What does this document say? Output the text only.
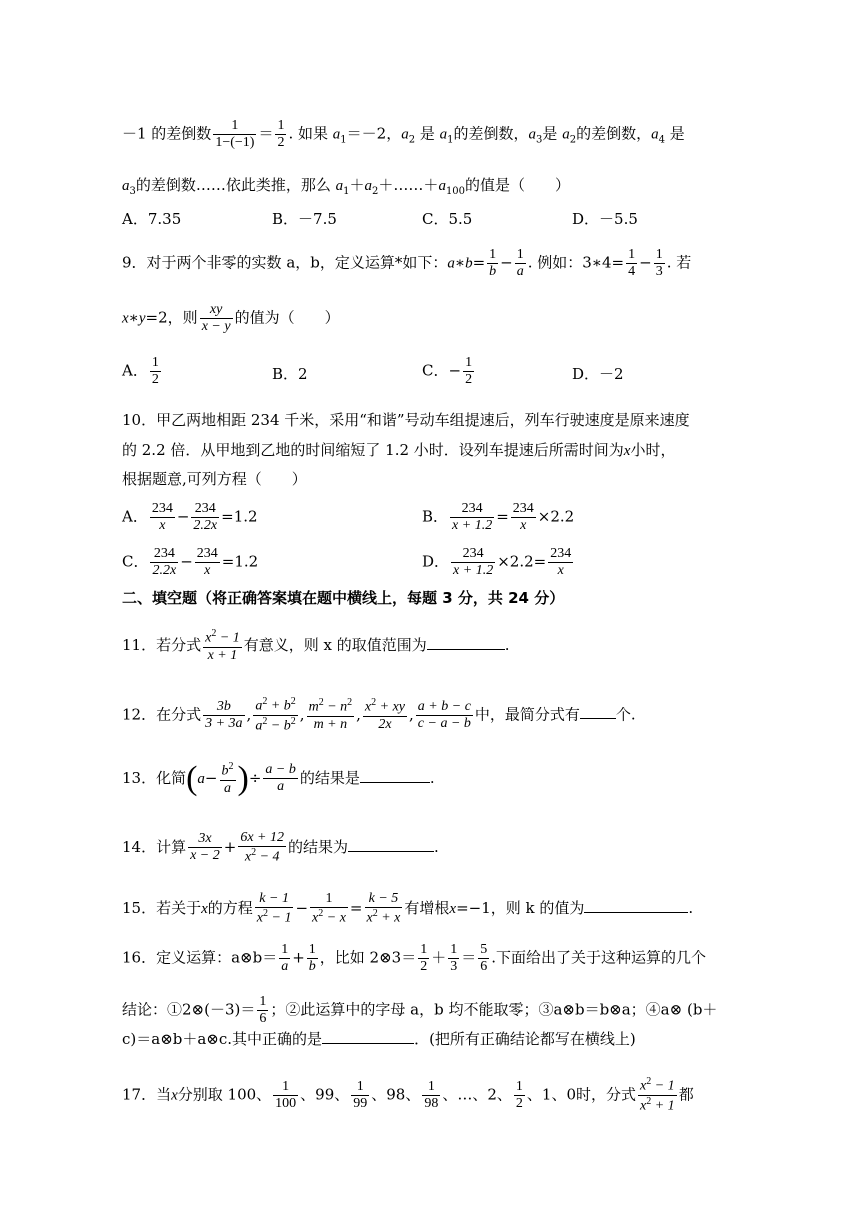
－1 的差倒数 $\frac{1}{1-(-1)} = \frac{1}{2}$ . 如果 $a_1=-2$，$a_2$ 是 $a_1$的差倒数，$a_3$是 $a_2$的差倒数，$a_4$ 是
$a_3$的差倒数……依此类推，那么 $a_1+a_2+\dots\dots+a_{100}$的值是（　　）
A．7.35	B．－7.5	C．5.5	D．－5.5
9．对于两个非零的实数 a，b，定义运算*如下：a∗b= $\frac{1}{b} - \frac{1}{a}$ . 例如：3∗4= $\frac{1}{4} - \frac{1}{3}$ . 若
x∗y=2，则 $\frac{xy}{x - y}$ 的值为（　　）
A． $\frac{1}{2}$	B．2	C．− $\frac{1}{2}$	D．－2
10．甲乙两地相距 234 千米，采用“和谐”号动车组提速后，列车行驶速度是原来速度
的 2.2 倍．从甲地到乙地的时间缩短了 1.2 小时．设列车提速后所需时间为x小时，
根据题意,可列方程（　　）
A． $\frac{234}{x} - \frac{234}{2.2x} =1.2$	B． $\frac{234}{x + 1.2} = \frac{234}{x} \times 2.2$
C． $\frac{234}{2.2x} - \frac{234}{x} =1.2$	D． $\frac{234}{x + 1.2} \times 2.2= \frac{234}{x}$
二、填空题（将正确答案填在题中横线上，每题 3 分，共 24 分）
11．若分式 $\frac{x^2 - 1}{x + 1}$ 有意义，则 x 的取值范围为	.
12．在分式 $\frac{3b}{3 + 3a}$ , $\frac{a^2 + b^2}{a^2 - b^2}$ , $\frac{m^2 - n^2}{m + n}$ , $\frac{x^2 + xy}{2x}$ , $\frac{a + b - c}{c - a - b}$ 中，最简分式有 个.
13．化简($a- \frac{b^2}{a}$ )÷ $\frac{a - b}{a}$ 的结果是	.
14．计算 $\frac{3x}{x - 2} + \frac{6x + 12}{x^2 - 4}$ 的结果为	.
15．若关于x的方程 $\frac{k - 1}{x^2 - 1} - \frac{1}{x^2 - x} = \frac{k - 5}{x^2 + x}$ 有增根x=−1，则 k 的值为	.
16．定义运算：a⊗b＝ $\frac{1}{a} + \frac{1}{b}$ ，比如 2⊗3＝ $\frac{1}{2} + \frac{1}{3} = \frac{5}{6}$ .下面给出了关于这种运算的几个
结论：①2⊗(－3)＝ $\frac{1}{6}$ ；②此运算中的字母 a，b 均不能取零；③a⊗b＝b⊗a；④a⊗ (b＋
c)＝a⊗b＋a⊗c.其中正确的是	．(把所有正确结论都写在横线上)
17．当x分别取 100、 $\frac{1}{100}$ 、99、 $\frac{1}{99}$ 、98、 $\frac{1}{98}$ 、…、2、 $\frac{1}{2}$ 、1、0时，分式 $\frac{x^2 - 1}{x^2 + 1}$ 都
